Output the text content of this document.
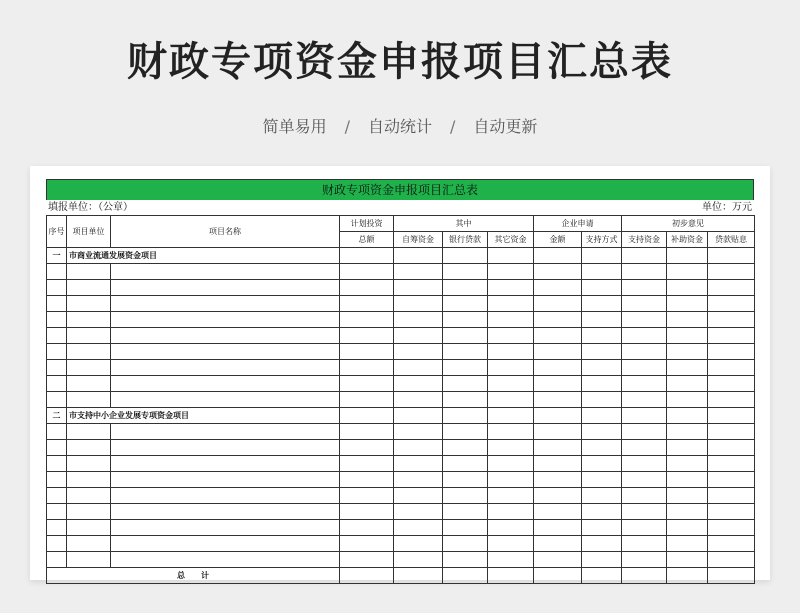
财政专项资金申报项目汇总表
简单易用 / 自动统计 / 自动更新
财政专项资金申报项目汇总表
填报单位：（公章）	单位：万元
序号	项目单位	项目名称	计划投资	其中			企业申请		初步意见		
			总额	自筹资金	银行贷款	其它资金	金额	支持方式	支持资金	补助资金	贷款贴息
一	市商业流通发展资金项目										

二	市支持中小企业发展专项资金项目										

总　　计											
